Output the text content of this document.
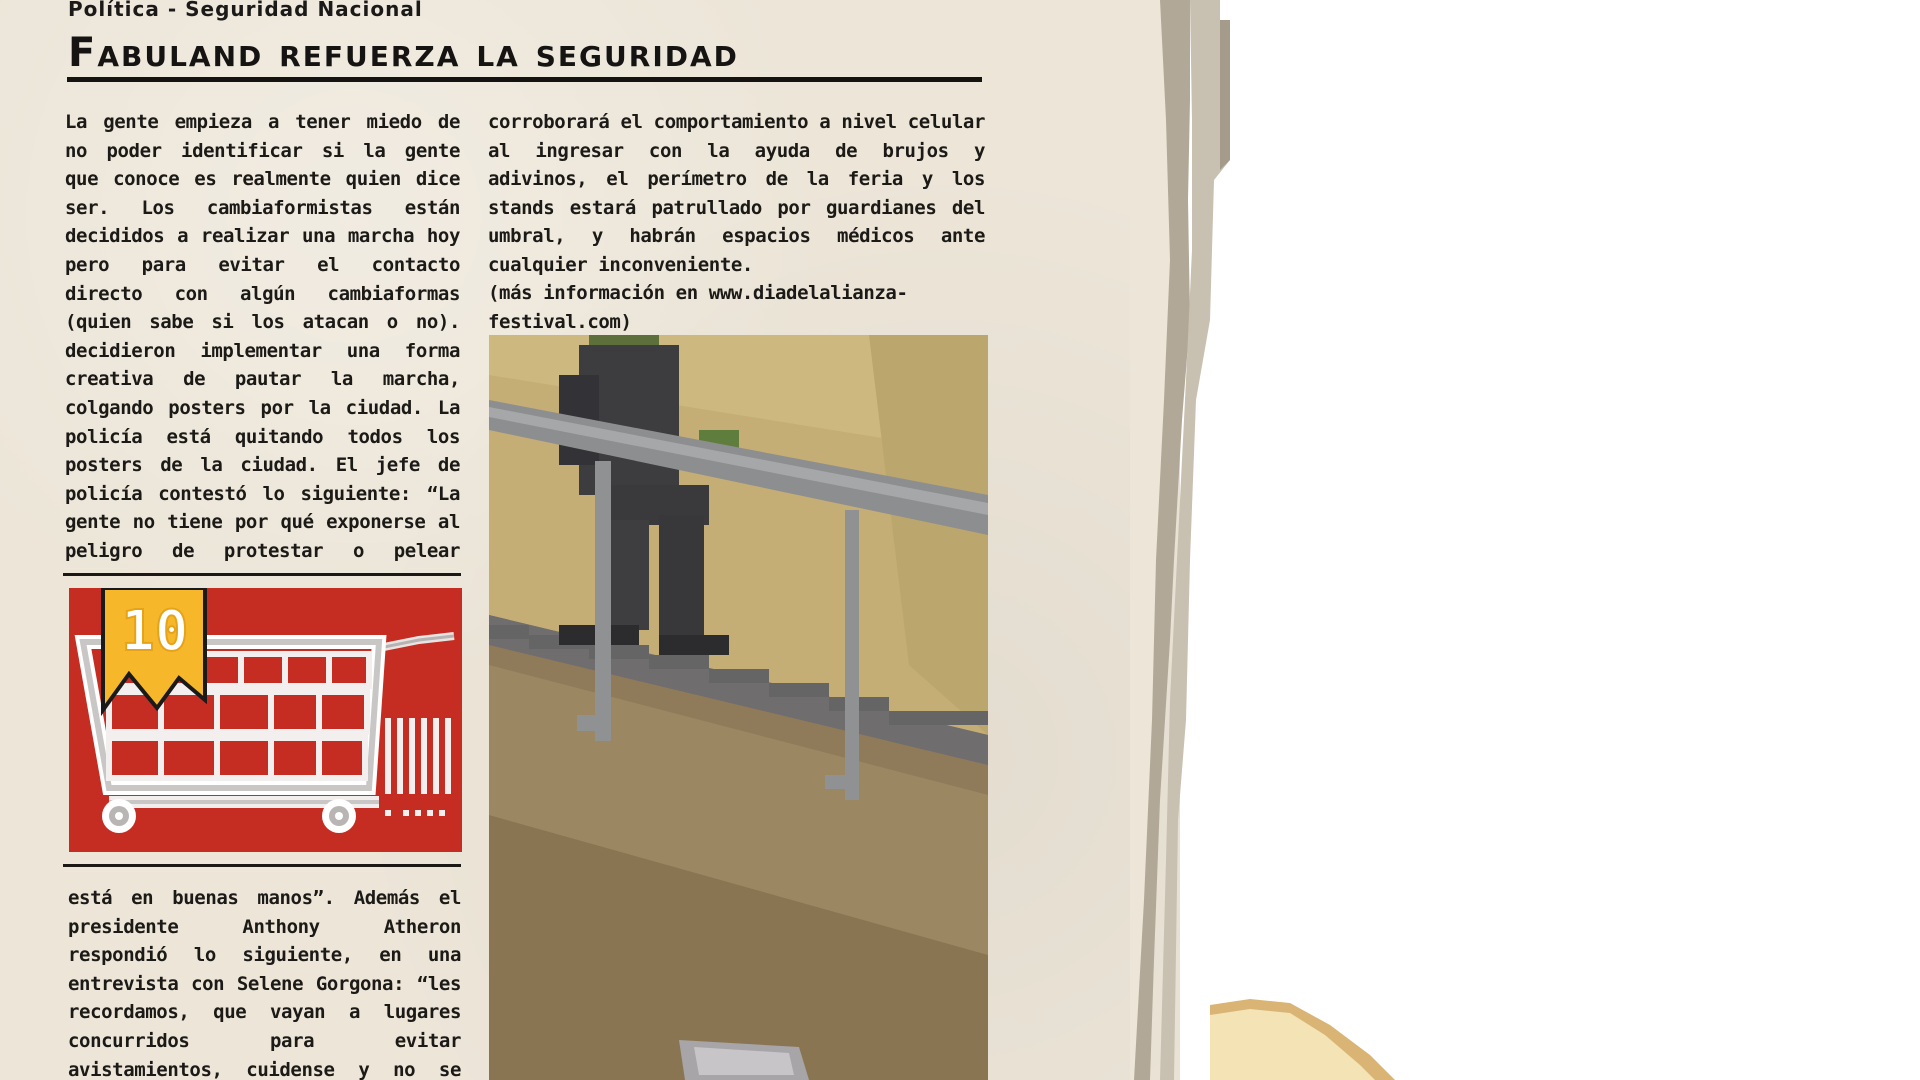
Política - Seguridad Nacional
Fabuland refuerza la seguridad
La gente empieza a tener miedo de no poder identificar si la gente que conoce es realmente quien dice ser. Los cambiaformistas están decididos a realizar una marcha hoy pero para evitar el contacto directo con algún cambiaformas (quien sabe si los atacan o no). decidieron implementar una forma creativa de pautar la marcha, colgando posters por la ciudad. La policía está quitando todos los posters de la ciudad. El jefe de policía contestó lo siguiente: “La gente no tiene por qué exponerse al peligro de protestar o pelear
10
está en buenas manos”. Además el presidente Anthony Atheron respondió lo siguiente, en una entrevista con Selene Gorgona: “les recordamos, que vayan a lugares concurridos para evitar avistamientos, cuidense y no se
corroborará el comportamiento a nivel celular al ingresar con la ayuda de brujos y adivinos, el perímetro de la feria y los stands estará patrullado por guardianes del umbral, y habrán espacios médicos ante cualquier inconveniente.
(más información en www.diadelalianza-festival.com)
